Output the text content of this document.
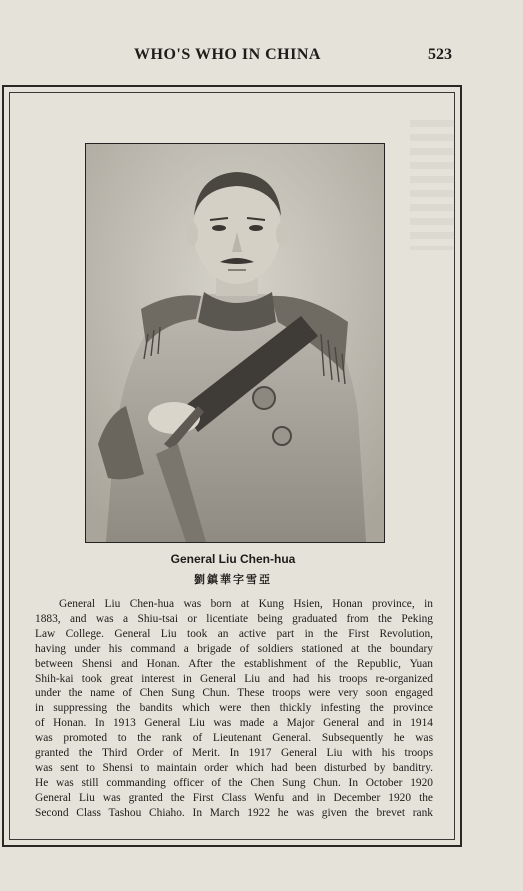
WHO'S WHO IN CHINA	523
General Liu Chen-hua
劉鎮華字雪亞
General Liu Chen-hua was born at Kung Hsien, Honan province, in
1883, and was a Shiu-tsai or licentiate being graduated from the Peking
Law College. General Liu took an active part in the First Revolution,
having under his command a brigade of soldiers stationed at the boundary
between Shensi and Honan. After the establishment of the Republic, Yuan
Shih-kai took great interest in General Liu and had his troops re-organized
under the name of Chen Sung Chun. These troops were very soon engaged
in suppressing the bandits which were then thickly infesting the province
of Honan. In 1913 General Liu was made a Major General and in 1914
was promoted to the rank of Lieutenant General. Subsequently he was
granted the Third Order of Merit. In 1917 General Liu with his troops
was sent to Shensi to maintain order which had been disturbed by banditry.
He was still commanding officer of the Chen Sung Chun. In October 1920
General Liu was granted the First Class Wenfu and in December 1920 the
Second Class Tashou Chiaho. In March 1922 he was given the brevet rank
